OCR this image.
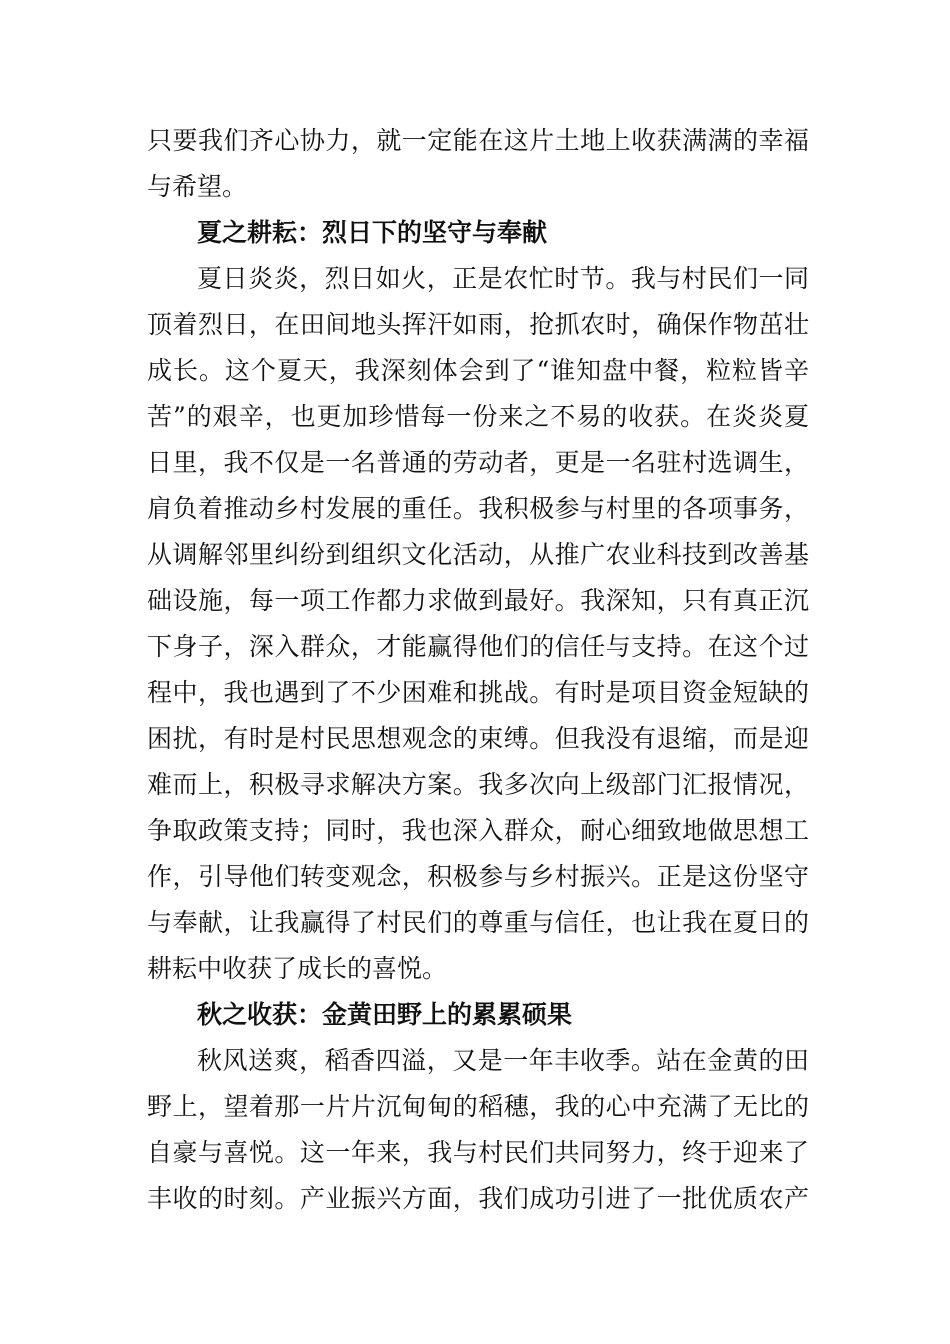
只要我们齐心协力，就一定能在这片土地上收获满满的幸福
与希望。
夏之耕耘：烈日下的坚守与奉献
夏日炎炎，烈日如火，正是农忙时节。我与村民们一同
顶着烈日，在田间地头挥汗如雨，抢抓农时，确保作物茁壮
成长。这个夏天，我深刻体会到了“谁知盘中餐，粒粒皆辛
苦”的艰辛，也更加珍惜每一份来之不易的收获。在炎炎夏
日里，我不仅是一名普通的劳动者，更是一名驻村选调生，
肩负着推动乡村发展的重任。我积极参与村里的各项事务，
从调解邻里纠纷到组织文化活动，从推广农业科技到改善基
础设施，每一项工作都力求做到最好。我深知，只有真正沉
下身子，深入群众，才能赢得他们的信任与支持。在这个过
程中，我也遇到了不少困难和挑战。有时是项目资金短缺的
困扰，有时是村民思想观念的束缚。但我没有退缩，而是迎
难而上，积极寻求解决方案。我多次向上级部门汇报情况，
争取政策支持；同时，我也深入群众，耐心细致地做思想工
作，引导他们转变观念，积极参与乡村振兴。正是这份坚守
与奉献，让我赢得了村民们的尊重与信任，也让我在夏日的
耕耘中收获了成长的喜悦。
秋之收获：金黄田野上的累累硕果
秋风送爽，稻香四溢，又是一年丰收季。站在金黄的田
野上，望着那一片片沉甸甸的稻穗，我的心中充满了无比的
自豪与喜悦。这一年来，我与村民们共同努力，终于迎来了
丰收的时刻。产业振兴方面，我们成功引进了一批优质农产
